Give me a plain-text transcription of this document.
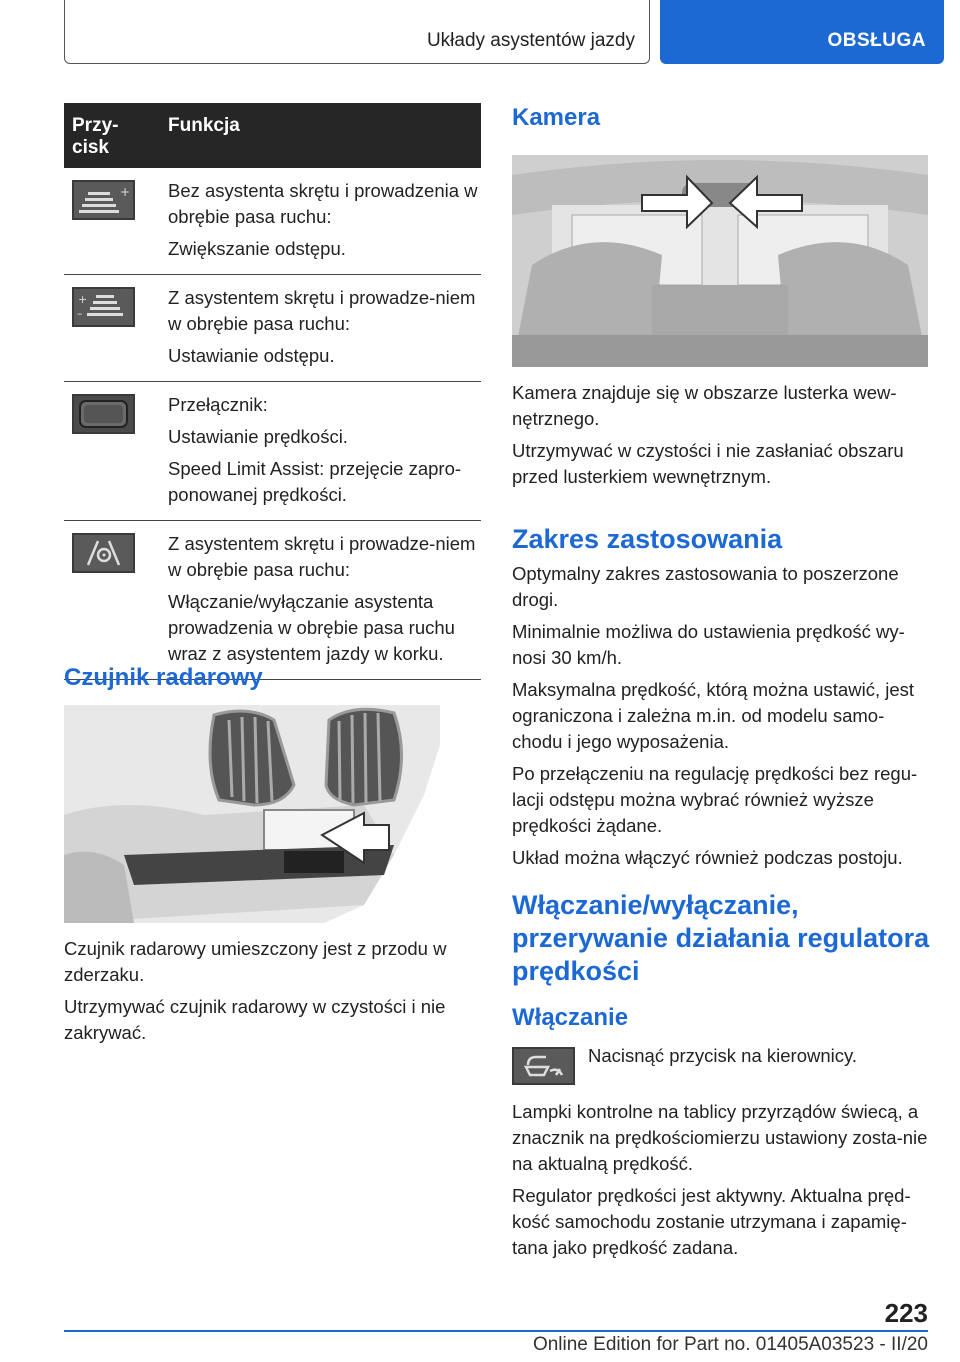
Układy asystentów jazdy	OBSŁUGA
Przy-
cisk
Funkcja
+ Bez asystenta skrętu i prowadzenia w obrębie pasa ruchu:

Zwiększanie odstępu.

+
–

Z asystentem skrętu i prowadze-niem w obrębie pasa ruchu:

Ustawianie odstępu.

Przełącznik:

Ustawianie prędkości.

Speed Limit Assist: przejęcie zapro-ponowanej prędkości.

Z asystentem skrętu i prowadze-niem w obrębie pasa ruchu:

Włączanie/wyłączanie asystenta prowadzenia w obrębie pasa ruchu wraz z asystentem jazdy w korku.

Czujnik radarowy

Czujnik radarowy umieszczony jest z przodu w zderzaku.

Utrzymywać czujnik radarowy w czystości i nie zakrywać.

Kamera

Kamera znajduje się w obszarze lusterka wew-nętrznego.

Utrzymywać w czystości i nie zasłaniać obszaru przed lusterkiem wewnętrznym.

Zakres zastosowania

Optymalny zakres zastosowania to poszerzone drogi.

Minimalnie możliwa do ustawienia prędkość wy-nosi 30 km/h.

Maksymalna prędkość, którą można ustawić, jest ograniczona i zależna m.in. od modelu samo-chodu i jego wyposażenia.

Po przełączeniu na regulację prędkości bez regu-lacji odstępu można wybrać również wyższe prędkości żądane.

Układ można włączyć również podczas postoju.

Włączanie/wyłączanie, przerywanie działania regulatora prędkości
Włączanie

Nacisnąć przycisk na kierownicy.

Lampki kontrolne na tablicy przyrządów świecą, a znacznik na prędkościomierzu ustawiony zosta-nie na aktualną prędkość.

Regulator prędkości jest aktywny. Aktualna pręd-kość samochodu zostanie utrzymana i zapamię-tana jako prędkość zadana.

223
Online Edition for Part no. 01405A03523 - II/20
